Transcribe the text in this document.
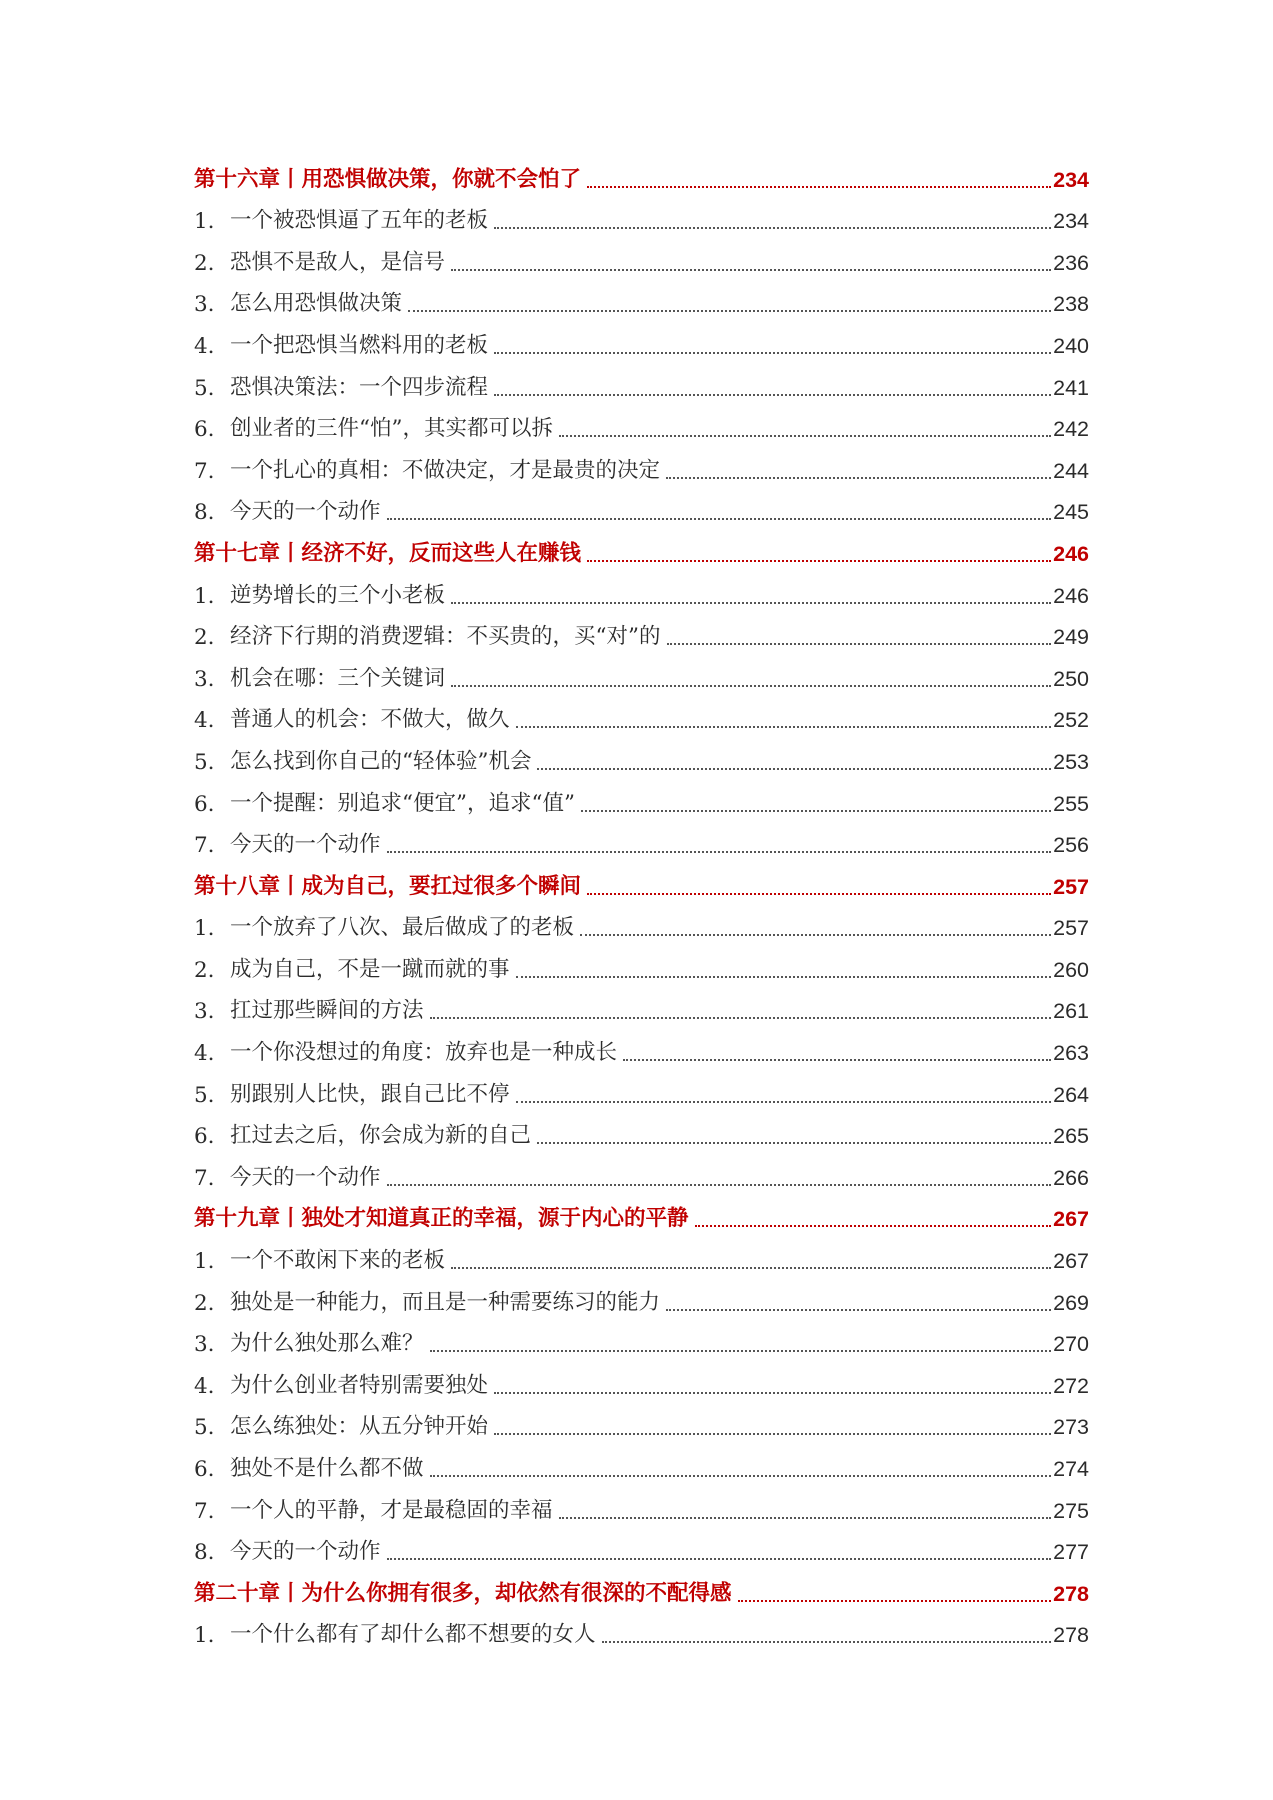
第十六章丨用恐惧做决策，你就不会怕了	234
1. 一个被恐惧逼了五年的老板	234
2. 恐惧不是敌人，是信号	236
3. 怎么用恐惧做决策	238
4. 一个把恐惧当燃料用的老板	240
5. 恐惧决策法：一个四步流程	241
6. 创业者的三件“怕”，其实都可以拆	242
7. 一个扎心的真相：不做决定，才是最贵的决定	244
8. 今天的一个动作	245
第十七章丨经济不好，反而这些人在赚钱	246
1. 逆势增长的三个小老板	246
2. 经济下行期的消费逻辑：不买贵的，买“对”的	249
3. 机会在哪：三个关键词	250
4. 普通人的机会：不做大，做久	252
5. 怎么找到你自己的“轻体验”机会	253
6. 一个提醒：别追求“便宜”，追求“值”	255
7. 今天的一个动作	256
第十八章丨成为自己，要扛过很多个瞬间	257
1. 一个放弃了八次、最后做成了的老板	257
2. 成为自己，不是一蹴而就的事	260
3. 扛过那些瞬间的方法	261
4. 一个你没想过的角度：放弃也是一种成长	263
5. 别跟别人比快，跟自己比不停	264
6. 扛过去之后，你会成为新的自己	265
7. 今天的一个动作	266
第十九章丨独处才知道真正的幸福，源于内心的平静	267
1. 一个不敢闲下来的老板	267
2. 独处是一种能力，而且是一种需要练习的能力	269
3. 为什么独处那么难？	270
4. 为什么创业者特别需要独处	272
5. 怎么练独处：从五分钟开始	273
6. 独处不是什么都不做	274
7. 一个人的平静，才是最稳固的幸福	275
8. 今天的一个动作	277
第二十章丨为什么你拥有很多，却依然有很深的不配得感	278
1. 一个什么都有了却什么都不想要的女人	278
